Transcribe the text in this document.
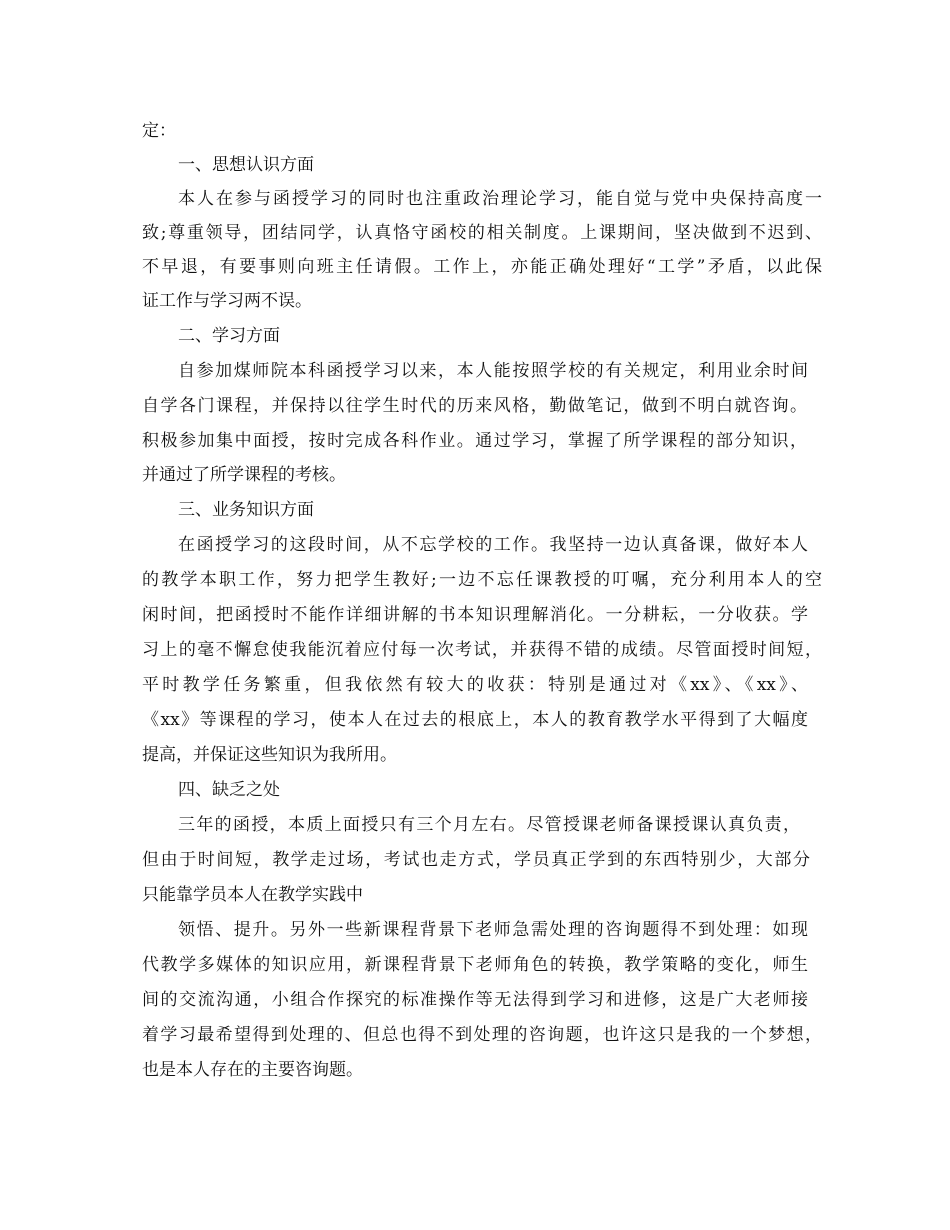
定：
一、思想认识方面
本人在参与函授学习的同时也注重政治理论学习，能自觉与党中央保持高度一
致;尊重领导，团结同学，认真恪守函校的相关制度。上课期间，坚决做到不迟到、
不早退，有要事则向班主任请假。工作上，亦能正确处理好“工学”矛盾，以此保
证工作与学习两不误。
二、学习方面
自参加煤师院本科函授学习以来，本人能按照学校的有关规定，利用业余时间
自学各门课程，并保持以往学生时代的历来风格，勤做笔记，做到不明白就咨询。
积极参加集中面授，按时完成各科作业。通过学习，掌握了所学课程的部分知识，
并通过了所学课程的考核。
三、业务知识方面
在函授学习的这段时间，从不忘学校的工作。我坚持一边认真备课，做好本人
的教学本职工作，努力把学生教好;一边不忘任课教授的叮嘱，充分利用本人的空
闲时间，把函授时不能作详细讲解的书本知识理解消化。一分耕耘，一分收获。学
习上的毫不懈怠使我能沉着应付每一次考试，并获得不错的成绩。尽管面授时间短，
平时教学任务繁重，但我依然有较大的收获：特别是通过对《xx》、《xx》、
《xx》等课程的学习，使本人在过去的根底上，本人的教育教学水平得到了大幅度
提高，并保证这些知识为我所用。
四、缺乏之处
三年的函授，本质上面授只有三个月左右。尽管授课老师备课授课认真负责，
但由于时间短，教学走过场，考试也走方式，学员真正学到的东西特别少，大部分
只能靠学员本人在教学实践中
领悟、提升。另外一些新课程背景下老师急需处理的咨询题得不到处理：如现
代教学多媒体的知识应用，新课程背景下老师角色的转换，教学策略的变化，师生
间的交流沟通，小组合作探究的标准操作等无法得到学习和进修，这是广大老师接
着学习最希望得到处理的、但总也得不到处理的咨询题，也许这只是我的一个梦想，
也是本人存在的主要咨询题。
